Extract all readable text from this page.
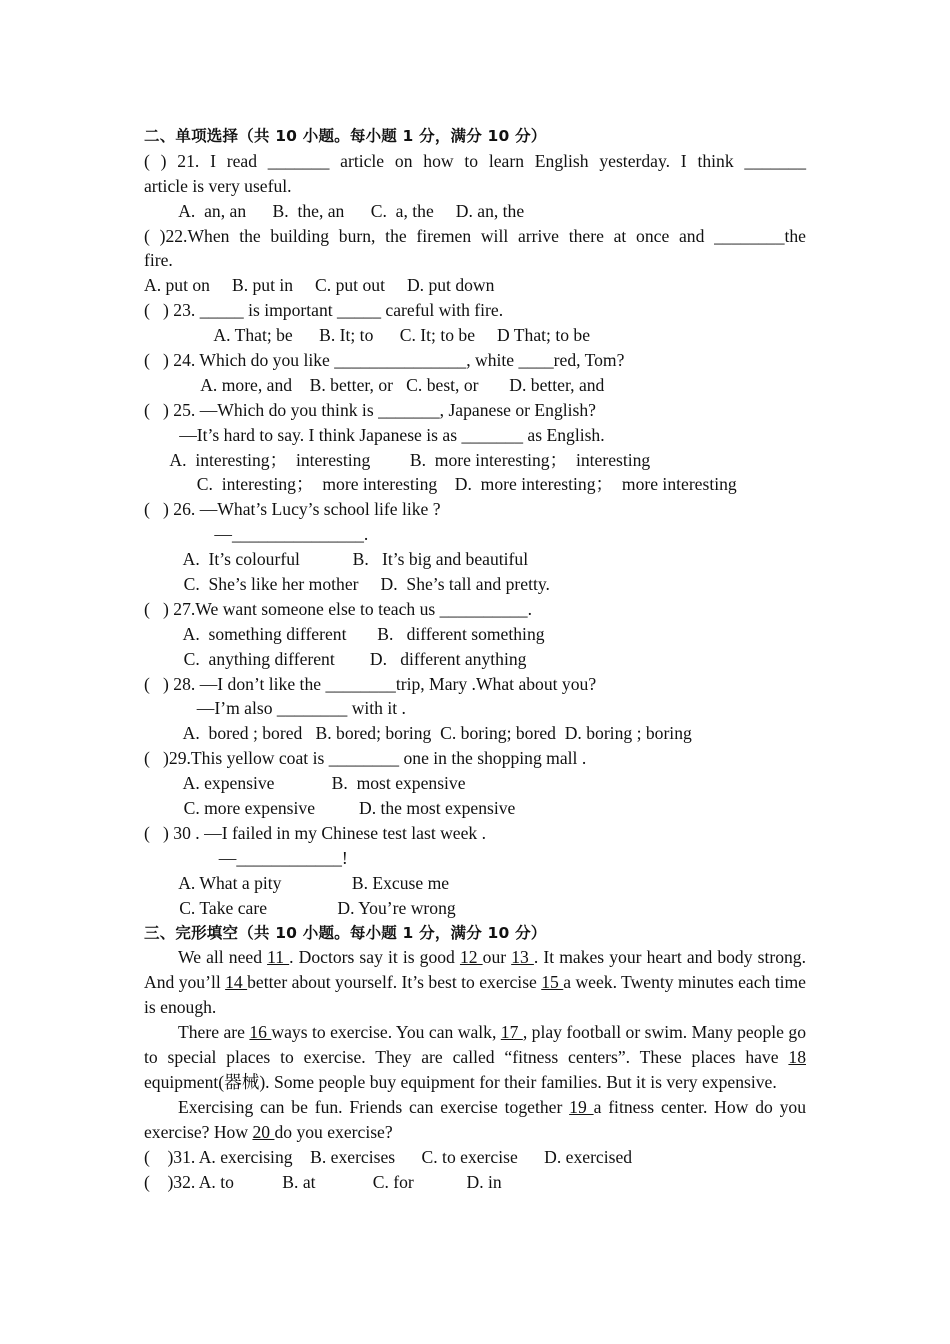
二、单项选择（共 10 小题。每小题 1 分，满分 10 分）
( ) 21. I read _______ article on how to learn English yesterday. I think _______
article is very useful.
A.  an, an      B.  the, an      C.  a, the     D. an, the
( )22.When the building burn, the firemen will arrive there at once and ________the
fire.
A. put on     B. put in     C. put out     D. put down
(   ) 23. _____ is important _____ careful with fire.
A. That; be      B. It; to      C. It; to be     D That; to be
(   ) 24. Which do you like _______________, white ____red, Tom?
A. more, and    B. better, or   C. best, or       D. better, and
(   ) 25. —Which do you think is _______, Japanese or English?
—It’s hard to say. I think Japanese is as _______ as English.
A.  interesting；  interesting         B.  more interesting；  interesting
C.  interesting；  more interesting    D.  more interesting；  more interesting
(   ) 26. —What’s Lucy’s school life like ?
—_______________.
A.  It’s colourful            B.   It’s big and beautiful
C.  She’s like her mother     D.  She’s tall and pretty.
(   ) 27.We want someone else to teach us __________.
A.  something different       B.   different something
C.  anything different        D.   different anything
(   ) 28. —I don’t like the ________trip, Mary .What about you?
—I’m also ________ with it .
A.  bored ; bored   B. bored; boring  C. boring; bored  D. boring ; boring
(   )29.This yellow coat is ________ one in the shopping mall .
A. expensive             B.  most expensive
C. more expensive          D. the most expensive
(   ) 30 . —I failed in my Chinese test last week .
—____________!
A. What a pity                B. Excuse me
C. Take care                D. You’re wrong
三、完形填空（共 10 小题。每小题 1 分，满分 10 分）
We all need 11 . Doctors say it is good 12 our 13 . It makes your heart and body strong. And you’ll 14 better about yourself. It’s best to exercise 15 a week. Twenty minutes each time is enough.
There are 16 ways to exercise. You can walk, 17 , play football or swim. Many people go to special places to exercise. They are called “fitness centers”. These places have 18 equipment(器械). Some people buy equipment for their families. But it is very expensive.
Exercising can be fun. Friends can exercise together 19 a fitness center. How do you exercise? How 20 do you exercise?
(    )31. A. exercising    B. exercises      C. to exercise      D. exercised
(    )32. A. to           B. at             C. for            D. in
